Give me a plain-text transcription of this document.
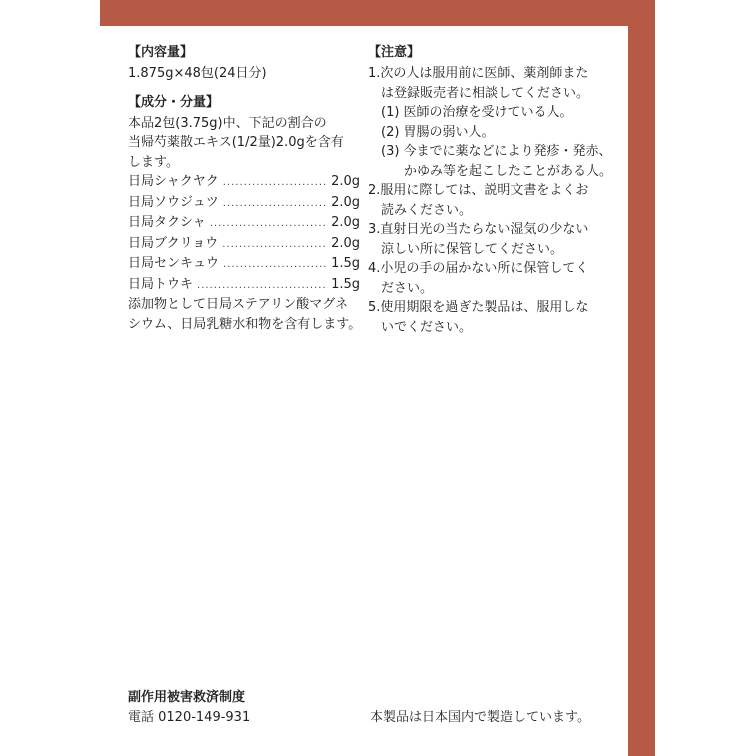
【内容量】
1.875g×48包(24日分)
【成分・分量】
本品2包(3.75g)中、下記の割合の
当帰芍薬散エキス(1/2量)2.0gを含有
します。
日局シャクヤク .....	2.0g
日局ソウジュツ .....	2.0g
日局タクシャ .....	2.0g
日局ブクリョウ .....	2.0g
日局センキュウ .....	1.5g
日局トウキ .....	1.5g
添加物として日局ステアリン酸マグネ
シウム、日局乳糖水和物を含有します。
【注意】
1.次の人は服用前に医師、薬剤師また
は登録販売者に相談してください。
(1) 医師の治療を受けている人。
(2) 胃腸の弱い人。
(3) 今までに薬などにより発疹・発赤、
かゆみ等を起こしたことがある人。
2.服用に際しては、説明文書をよくお
読みください。
3.直射日光の当たらない湿気の少ない
涼しい所に保管してください。
4.小児の手の届かない所に保管してく
ださい。
5.使用期限を過ぎた製品は、服用しな
いでください。
副作用被害救済制度
電話 0120-149-931	本製品は日本国内で製造しています。
